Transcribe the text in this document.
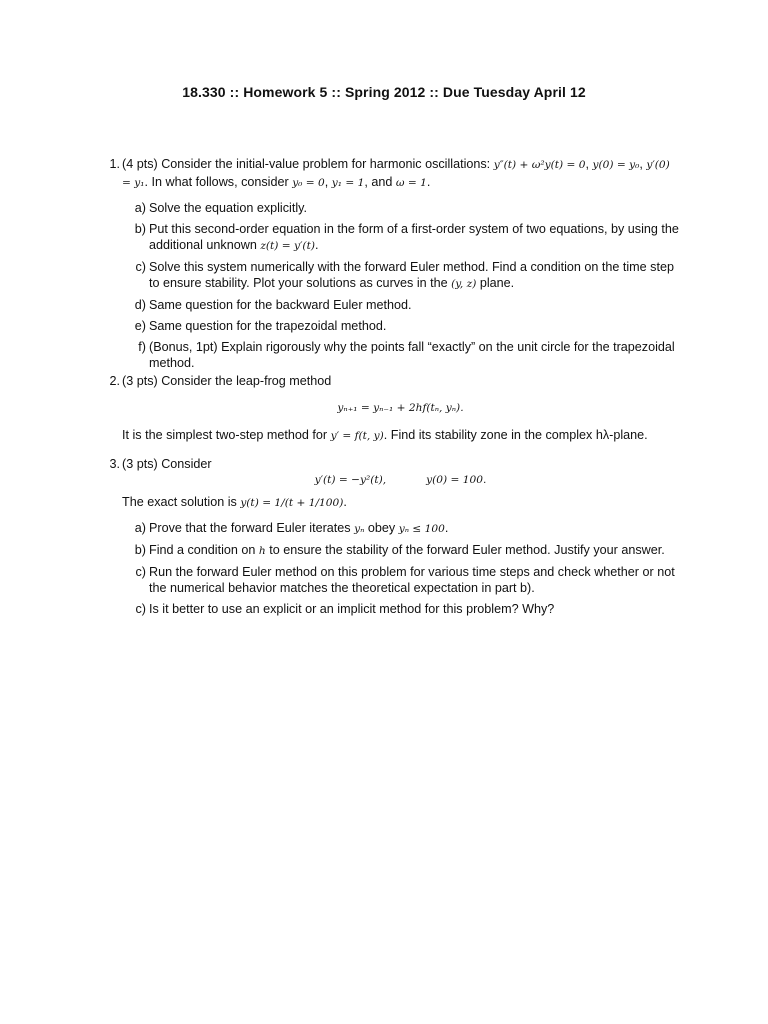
18.330 :: Homework 5 :: Spring 2012 :: Due Tuesday April 12
1. (4 pts) Consider the initial-value problem for harmonic oscillations: y″(t) + ω²y(t) = 0, y(0) = y₀, y′(0) = y₁. In what follows, consider y₀ = 0, y₁ = 1, and ω = 1.
a) Solve the equation explicitly.
b) Put this second-order equation in the form of a first-order system of two equations, by using the additional unknown z(t) = y′(t).
c) Solve this system numerically with the forward Euler method. Find a condition on the time step to ensure stability. Plot your solutions as curves in the (y, z) plane.
d) Same question for the backward Euler method.
e) Same question for the trapezoidal method.
f) (Bonus, 1pt) Explain rigorously why the points fall “exactly” on the unit circle for the trapezoidal method.
2. (3 pts) Consider the leap-frog method
yₙ₊₁ = yₙ₋₁ + 2hf(tₙ, yₙ).
It is the simplest two-step method for y′ = f(t, y). Find its stability zone in the complex hλ-plane.
3. (3 pts) Consider
y′(t) = −y²(t),	y(0) = 100.
The exact solution is y(t) = 1/(t + 1/100).
a) Prove that the forward Euler iterates yₙ obey yₙ ≤ 100.
b) Find a condition on h to ensure the stability of the forward Euler method. Justify your answer.
c) Run the forward Euler method on this problem for various time steps and check whether or not the numerical behavior matches the theoretical expectation in part b).
c) Is it better to use an explicit or an implicit method for this problem? Why?
